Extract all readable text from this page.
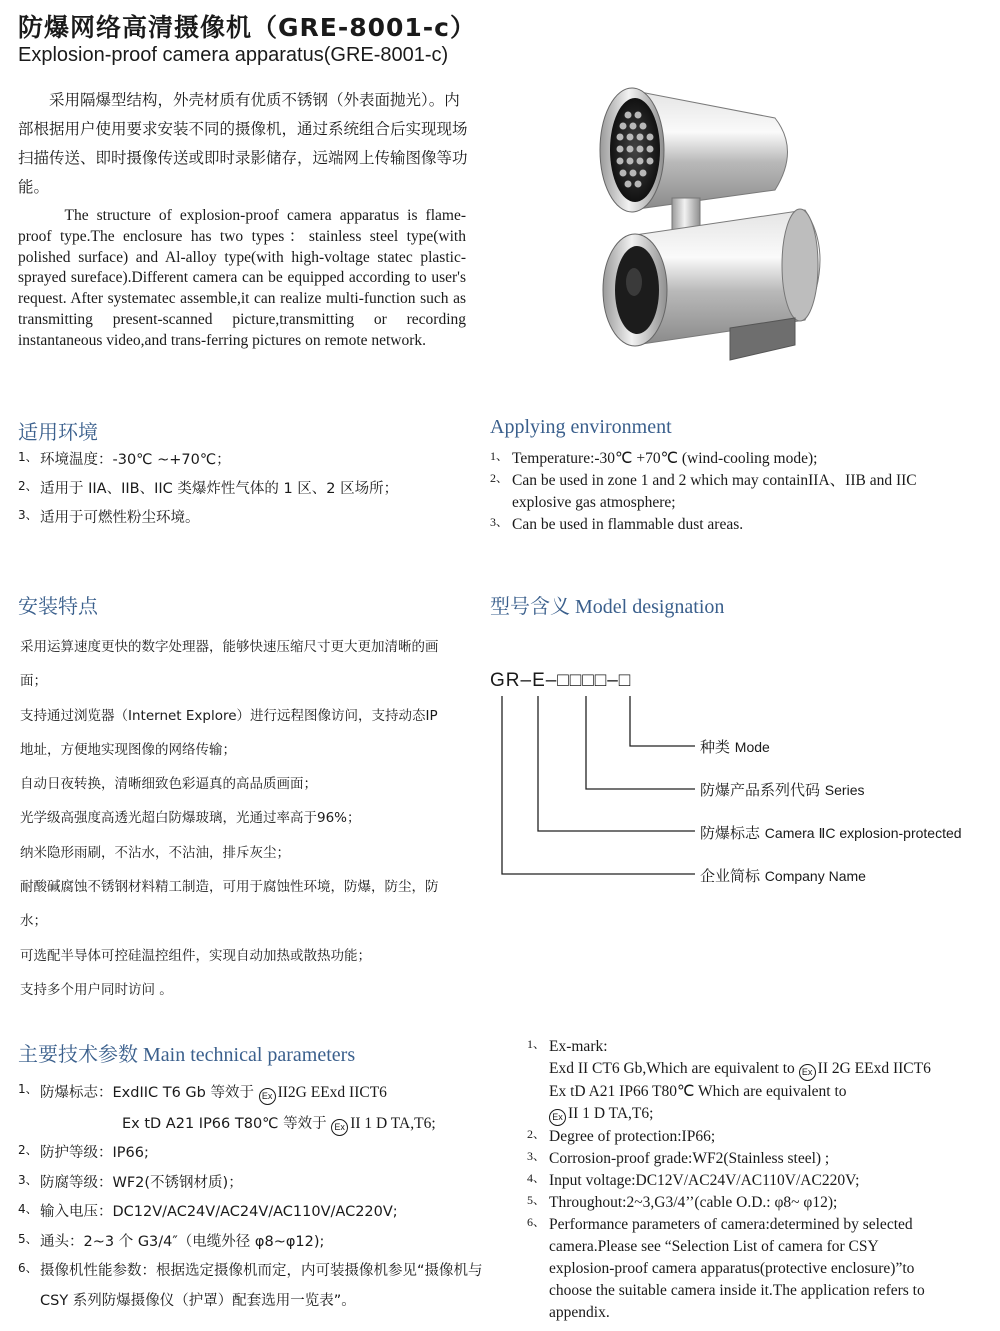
防爆网络高清摄像机（GRE-8001-c）
Explosion-proof camera apparatus(GRE-8001-c)

采用隔爆型结构，外壳材质有优质不锈钢（外表面抛光）。内部根据用户使用要求安装不同的摄像机，通过系统组合后实现现场扫描传送、即时摄像传送或即时录影储存，远端网上传输图像等功能。

The structure of explosion-proof camera apparatus is flame-proof type.The enclosure has two types：stainless steel type(with polished surface) and Al-alloy type(with high-voltage statec plastic-sprayed sureface).Different camera can be equipped according to user's request. After systematec assemble,it can realize multi-function such as transmitting present-scanned picture,transmitting or recording instantaneous video,and trans-ferring pictures on remote network.

适用环境	Applying environment
1、 环境温度：-30℃ ~+70℃；
2、 适用于 IIA、IIB、IIC 类爆炸性气体的 1 区、2 区场所；
3、 适用于可燃性粉尘环境。
1、 Temperature:-30℃ +70℃ (wind-cooling mode);
2、 Can be used in zone 1 and 2 which may containIIA、IIB and IIC explosive gas atmosphere;
3、 Can be used in flammable dust areas.
安装特点

采用运算速度更快的数字处理器，能够快速压缩尺寸更大更加清晰的画面；

支持通过浏览器（Internet Explore）进行远程图像访问，支持动态IP地址，方便地实现图像的网络传输；

自动日夜转换，清晰细致色彩逼真的高品质画面；

光学级高强度高透光超白防爆玻璃，光通过率高于96%；

纳米隐形雨刷，不沾水，不沾油，排斥灰尘；

耐酸碱腐蚀不锈钢材料精工制造，可用于腐蚀性环境，防爆，防尘，防水；

可选配半导体可控硅温控组件，实现自动加热或散热功能；

支持多个用户同时访问 。

型号含义 Model designation
GR–E–□□□□–□
种类 Mode
防爆产品系列代码 Series
防爆标志 Camera ⅡC explosion-protected
企业简标 Company Name
主要技术参数 Main technical parameters
1、 防爆标志：ExdIIC T6 Gb 等效于 Ex II2G EExd IICT6
Ex tD A21 IP66 T80℃ 等效于 Ex II 1 D TA,T6;
2、 防护等级：IP66;
3、 防腐等级：WF2(不锈钢材质)；
4、 输入电压：DC12V/AC24V/AC24V/AC110V/AC220V;
5、 通头：2~3 个 G3/4″（电缆外径 φ8~φ12);
6、 摄像机性能参数：根据选定摄像机而定，内可装摄像机参见“摄像机与 CSY 系列防爆摄像仪（护罩）配套选用一览表”。
1、 Ex-mark:
Exd II CT6 Gb,Which are equivalent to Ex II 2G EExd IICT6
Ex tD A21 IP66 T80℃ Which are equivalent to
Ex II 1 D TA,T6;
2、 Degree of protection:IP66;
3、 Corrosion-proof grade:WF2(Stainless steel) ;
4、 Input voltage:DC12V/AC24V/AC110V/AC220V;
5、 Throughout:2~3,G3/4’’(cable O.D.: φ8~ φ12);
6、 Performance parameters of camera:determined by selected camera.Please see “Selection List of camera for CSY explosion-proof camera apparatus(protective enclosure)”to choose the suitable camera inside it.The application refers to appendix.
